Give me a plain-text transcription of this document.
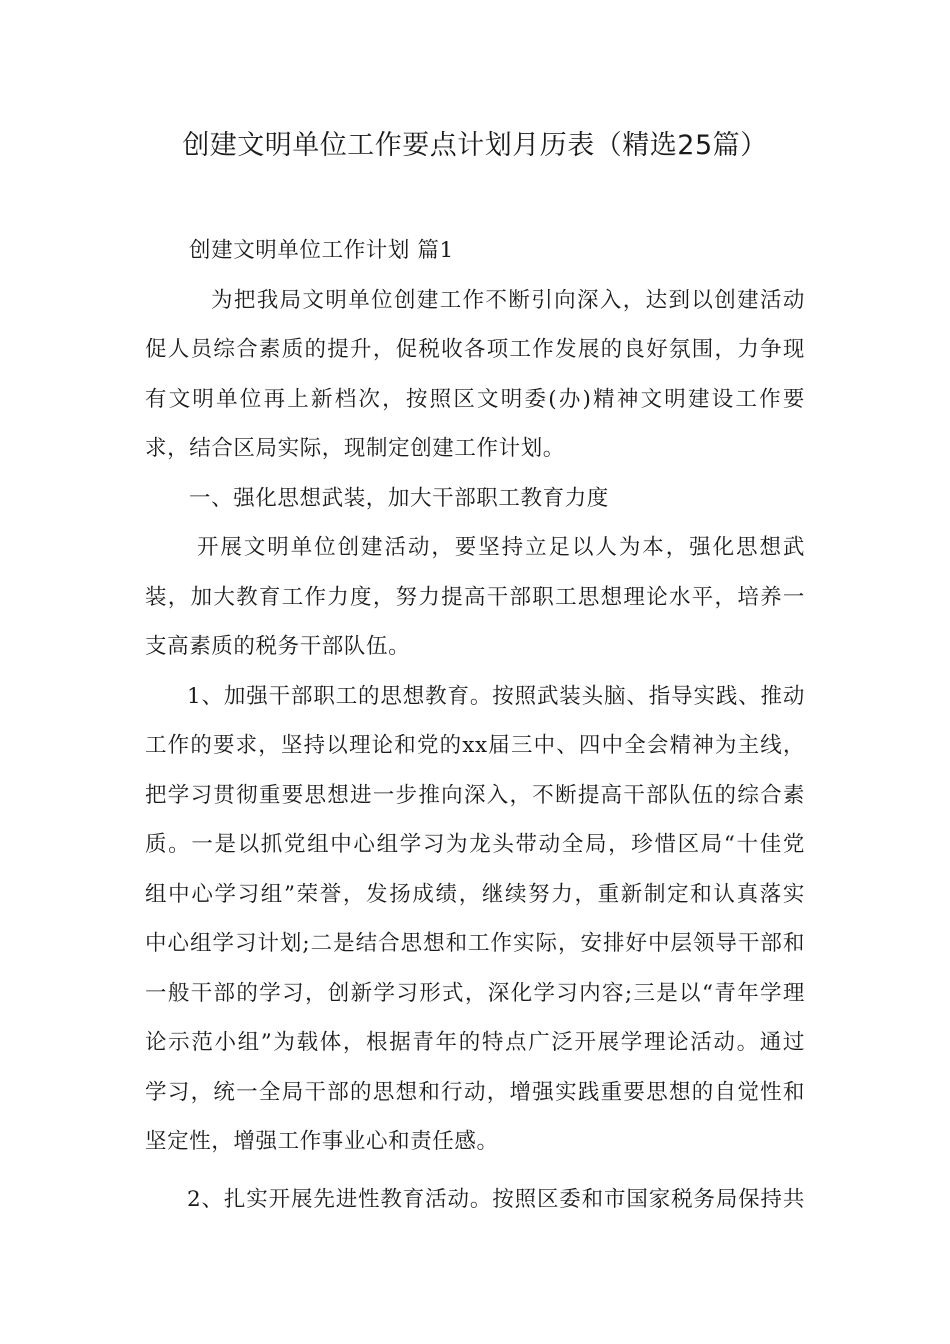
创建文明单位工作要点计划月历表（精选25篇）
创建文明单位工作计划 篇1
为把我局文明单位创建工作不断引向深入，达到以创建活动
促人员综合素质的提升，促税收各项工作发展的良好氛围，力争现
有文明单位再上新档次，按照区文明委(办)精神文明建设工作要
求，结合区局实际，现制定创建工作计划。
一、强化思想武装，加大干部职工教育力度
开展文明单位创建活动，要坚持立足以人为本，强化思想武
装，加大教育工作力度，努力提高干部职工思想理论水平，培养一
支高素质的税务干部队伍。
1、加强干部职工的思想教育。按照武装头脑、指导实践、推动
工作的要求，坚持以理论和党的xx届三中、四中全会精神为主线，
把学习贯彻重要思想进一步推向深入，不断提高干部队伍的综合素
质。一是以抓党组中心组学习为龙头带动全局，珍惜区局“十佳党
组中心学习组”荣誉，发扬成绩，继续努力，重新制定和认真落实
中心组学习计划;二是结合思想和工作实际，安排好中层领导干部和
一般干部的学习，创新学习形式，深化学习内容;三是以“青年学理
论示范小组”为载体，根据青年的特点广泛开展学理论活动。通过
学习，统一全局干部的思想和行动，增强实践重要思想的自觉性和
坚定性，增强工作事业心和责任感。
2、扎实开展先进性教育活动。按照区委和市国家税务局保持共
